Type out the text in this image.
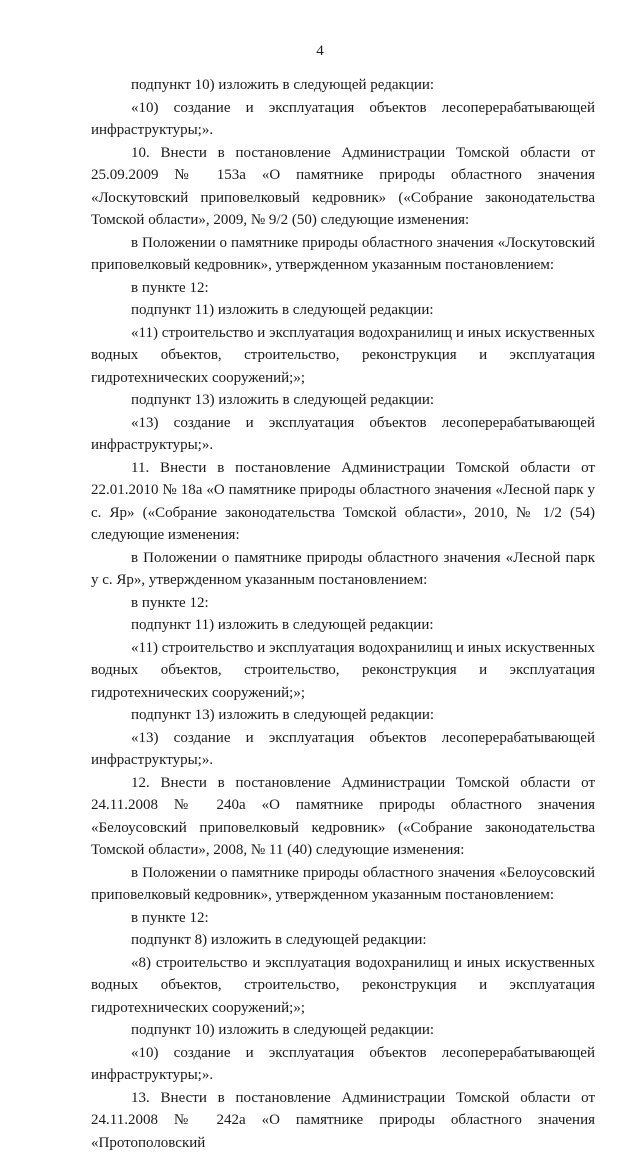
4

подпункт 10) изложить в следующей редакции:

«10) создание и эксплуатация объектов лесоперерабатывающей инфраструктуры;».

10. Внести в постановление Администрации Томской области от 25.09.2009 № 153а «О памятнике природы областного значения «Лоскутовский приповелковый кедровник» («Собрание законодательства Томской области», 2009, № 9/2 (50) следующие изменения:

в Положении о памятнике природы областного значения «Лоскутовский приповелковый кедровник», утвержденном указанным постановлением:

в пункте 12:

подпункт 11) изложить в следующей редакции:

«11) строительство и эксплуатация водохранилищ и иных искуственных водных объектов, строительство, реконструкция и эксплуатация гидротехнических сооружений;»;

подпункт 13) изложить в следующей редакции:

«13) создание и эксплуатация объектов лесоперерабатывающей инфраструктуры;».

11. Внести в постановление Администрации Томской области от 22.01.2010 № 18а «О памятнике природы областного значения «Лесной парк у с. Яр» («Собрание законодательства Томской области», 2010, № 1/2 (54) следующие изменения:

в Положении о памятнике природы областного значения «Лесной парк у с. Яр», утвержденном указанным постановлением:

в пункте 12:

подпункт 11) изложить в следующей редакции:

«11) строительство и эксплуатация водохранилищ и иных искуственных водных объектов, строительство, реконструкция и эксплуатация гидротехнических сооружений;»;

подпункт 13) изложить в следующей редакции:

«13) создание и эксплуатация объектов лесоперерабатывающей инфраструктуры;».

12. Внести в постановление Администрации Томской области от 24.11.2008 № 240а «О памятнике природы областного значения «Белоусовский приповелковый кедровник» («Собрание законодательства Томской области», 2008, № 11 (40) следующие изменения:

в Положении о памятнике природы областного значения «Белоусовский приповелковый кедровник», утвержденном указанным постановлением:

в пункте 12:

подпункт 8) изложить в следующей редакции:

«8) строительство и эксплуатация водохранилищ и иных искуственных водных объектов, строительство, реконструкция и эксплуатация гидротехнических сооружений;»;

подпункт 10) изложить в следующей редакции:

«10) создание и эксплуатация объектов лесоперерабатывающей инфраструктуры;».

13. Внести в постановление Администрации Томской области от 24.11.2008 № 242а «О памятнике природы областного значения «Протополовский
